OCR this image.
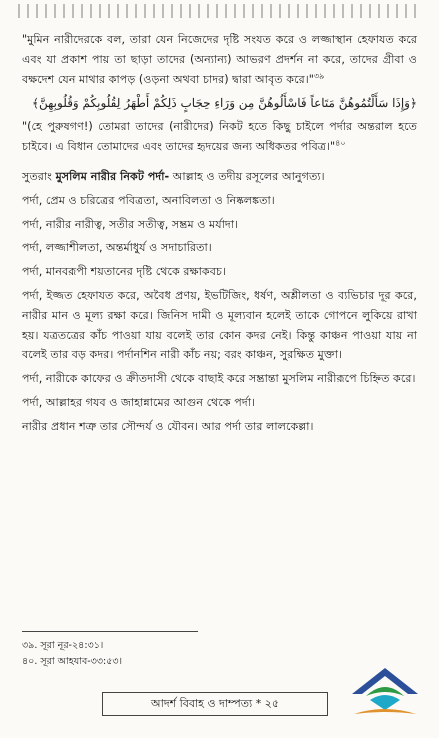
"মুমিন নারীদেরকে বল, তারা যেন নিজেদের দৃষ্টি সংযত করে ও লজ্জাস্থান হেফাযত করে এবং যা প্রকাশ পায় তা ছাড়া তাদের (অন্যান্য) আভরণ প্রদর্শন না করে, তাদের গ্রীবা ও বক্ষদেশ যেন মাথার কাপড় (ওড়না অথবা চাদর) দ্বারা আবৃত করে।"$^{৩৯}$

﴿وَإِذَا سَأَلْتُمُوهُنَّ مَتَاعاً فَاسْأَلُوهُنَّ مِن وَرَاءِ حِجَابٍ ذَلِكُمْ أَطْهَرُ لِقُلُوبِكُمْ وَقُلُوبِهِنَّ﴾

"(হে পুরুষগণ!) তোমরা তাদের (নারীদের) নিকট হতে কিছু চাইলে পর্দার অন্তরাল হতে চাইবে। এ বিধান তোমাদের এবং তাদের হৃদয়ের জন্য অধিকতর পবিত্র।"$^{৪০}$

সুতরাং মুসলিম নারীর নিকট পর্দা- আল্লাহ ও তদীয় রসূলের আনুগত্য।

পর্দা, প্রেম ও চরিত্রের পবিত্রতা, অনাবিলতা ও নিষ্কলঙ্কতা।

পর্দা, নারীর নারীত্ব, সতীর সতীত্ব, সম্ভ্রম ও মর্যাদা।

পর্দা, লজ্জাশীলতা, অন্তর্মাধুর্য ও সদাচারিতা।

পর্দা, মানবরূপী শয়তানের দৃষ্টি থেকে রক্ষাকবচ।

পর্দা, ইজ্জত হেফাযত করে, অবৈধ প্রণয়, ইভটিজিং, ধর্ষণ, অশ্লীলতা ও ব্যভিচার দূর করে, নারীর মান ও মূল্য রক্ষা করে। জিনিস দামী ও মূল্যবান হলেই তাকে গোপনে লুকিয়ে রাখা হয়। যত্রতত্রের কাঁচ পাওয়া যায় বলেই তার কোন কদর নেই। কিন্তু কাঞ্চন পাওয়া যায় না বলেই তার বড় কদর। পর্দানশিন নারী কাঁচ নয়; বরং কাঞ্চন, সুরক্ষিত মুক্তা।

পর্দা, নারীকে কাফের ও ক্রীতদাসী থেকে বাছাই করে সম্ভ্রান্তা মুসলিম নারীরূপে চিহ্নিত করে।

পর্দা, আল্লাহর গযব ও জাহান্নামের আগুন থেকে পর্দা।

নারীর প্রধান শত্রু তার সৌন্দর্য ও যৌবন। আর পর্দা তার লালকেল্লা।

৩৯. সূরা নূর-২৪:৩১।
৪০. সূরা আহযাব-৩৩:৫৩।
আদর্শ বিবাহ ও দাম্পত্য * ২৫
